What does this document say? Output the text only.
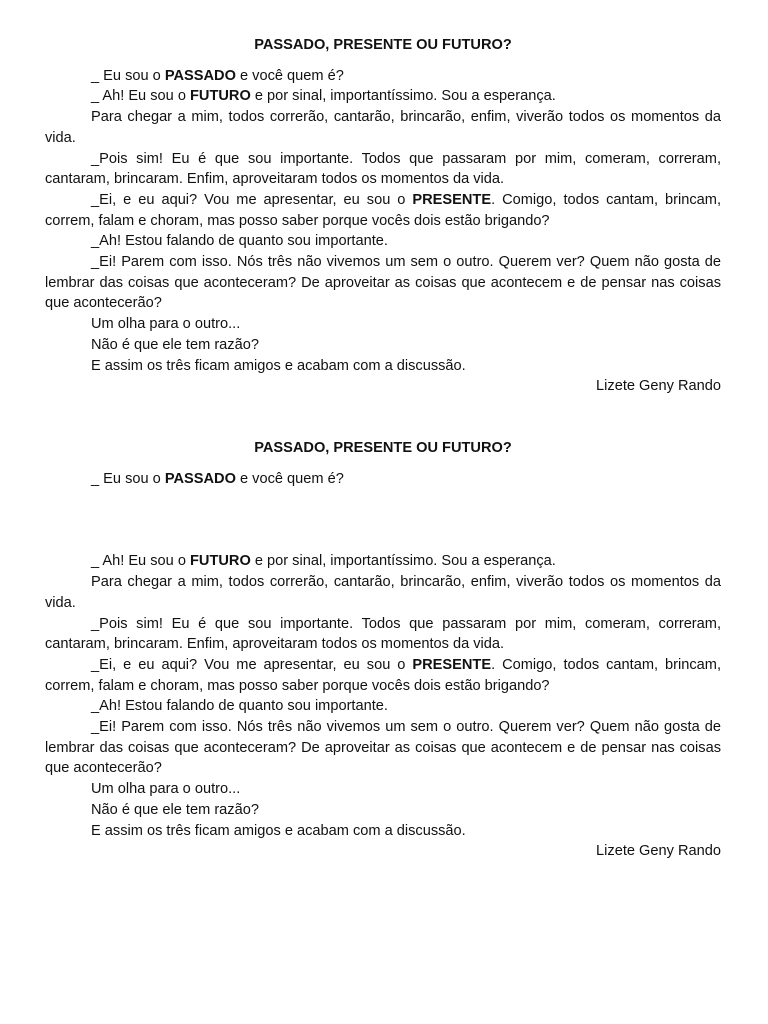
PASSADO, PRESENTE OU FUTURO?

_ Eu sou o PASSADO e você quem é?

_ Ah! Eu sou o FUTURO e por sinal, importantíssimo. Sou a esperança.

Para chegar a mim, todos correrão, cantarão, brincarão, enfim, viverão todos os momentos da vida.

_Pois sim! Eu é que sou importante. Todos que passaram por mim, comeram, correram, cantaram, brincaram. Enfim, aproveitaram todos os momentos da vida.

_Ei, e eu aqui? Vou me apresentar, eu sou o PRESENTE. Comigo, todos cantam, brincam, correm, falam e choram, mas posso saber porque vocês dois estão brigando?

_Ah! Estou falando de quanto sou importante.

_Ei! Parem com isso. Nós três não vivemos um sem o outro. Querem ver? Quem não gosta de lembrar das coisas que aconteceram? De aproveitar as coisas que acontecem e de pensar nas coisas que acontecerão?

Um olha para o outro...

Não é que ele tem razão?

E assim os três ficam amigos e acabam com a discussão.

Lizete Geny Rando

PASSADO, PRESENTE OU FUTURO?

_ Eu sou o PASSADO e você quem é?

_ Ah! Eu sou o FUTURO e por sinal, importantíssimo. Sou a esperança.

Para chegar a mim, todos correrão, cantarão, brincarão, enfim, viverão todos os momentos da vida.

_Pois sim! Eu é que sou importante. Todos que passaram por mim, comeram, correram, cantaram, brincaram. Enfim, aproveitaram todos os momentos da vida.

_Ei, e eu aqui? Vou me apresentar, eu sou o PRESENTE. Comigo, todos cantam, brincam, correm, falam e choram, mas posso saber porque vocês dois estão brigando?

_Ah! Estou falando de quanto sou importante.

_Ei! Parem com isso. Nós três não vivemos um sem o outro. Querem ver? Quem não gosta de lembrar das coisas que aconteceram? De aproveitar as coisas que acontecem e de pensar nas coisas que acontecerão?

Um olha para o outro...

Não é que ele tem razão?

E assim os três ficam amigos e acabam com a discussão.

Lizete Geny Rando
